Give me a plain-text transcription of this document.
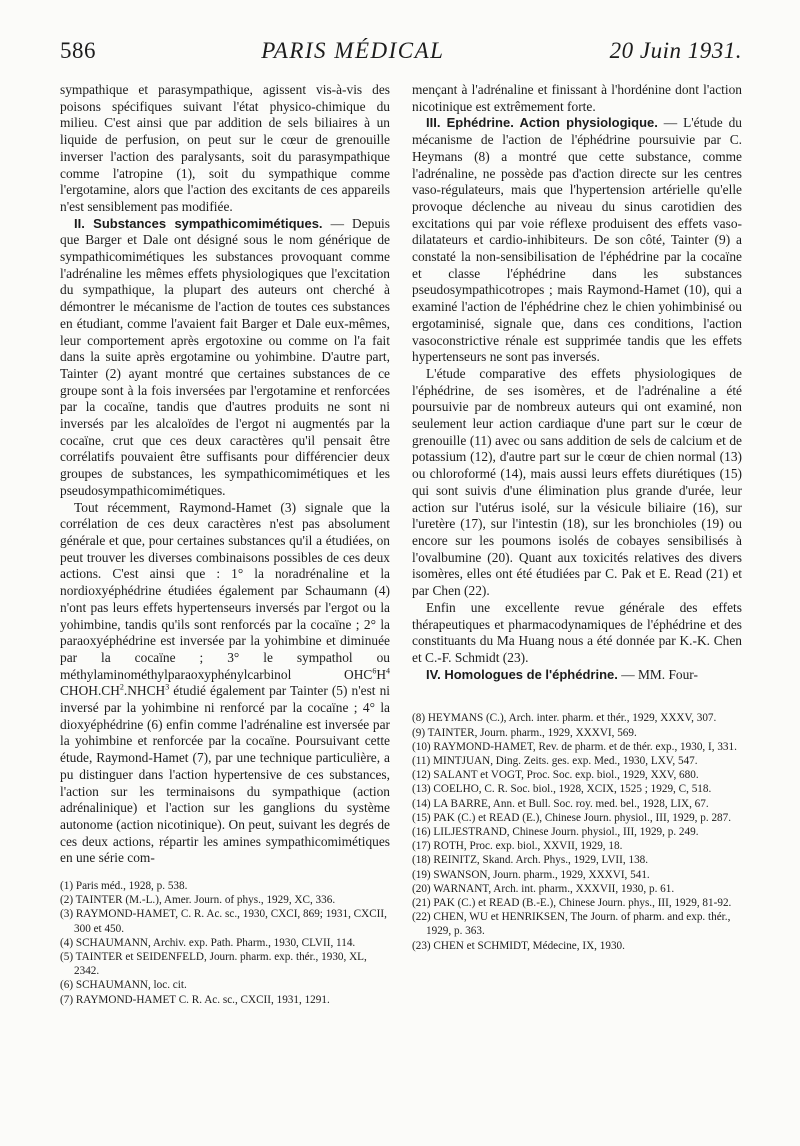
586	PARIS MÉDICAL	20 Juin 1931.

sympathique et parasympathique, agissent vis-à-vis des poisons spécifiques suivant l'état physico-chimique du milieu. C'est ainsi que par addition de sels biliaires à un liquide de perfusion, on peut sur le cœur de grenouille inverser l'action des paralysants, soit du parasympathique comme l'atropine (1), soit du sympathique comme l'ergotamine, alors que l'action des excitants de ces appareils n'est sensiblement pas modifiée.

II. Substances sympathicomimétiques. — Depuis que Barger et Dale ont désigné sous le nom générique de sympathicomimétiques les substances provoquant comme l'adrénaline les mêmes effets physiologiques que l'excitation du sympathique, la plupart des auteurs ont cherché à démontrer le mécanisme de l'action de toutes ces substances en étudiant, comme l'avaient fait Barger et Dale eux-mêmes, leur comportement après ergotoxine ou comme on l'a fait dans la suite après ergotamine ou yohimbine. D'autre part, Tainter (2) ayant montré que certaines substances de ce groupe sont à la fois inversées par l'ergotamine et renforcées par la cocaïne, tandis que d'autres produits ne sont ni inversés par les alcaloïdes de l'ergot ni augmentés par la cocaïne, crut que ces deux caractères qu'il pensait être corrélatifs pouvaient être suffisants pour différencier deux groupes de substances, les sympathicomimétiques et les pseudosympathicomimétiques.

Tout récemment, Raymond-Hamet (3) signale que la corrélation de ces deux caractères n'est pas absolument générale et que, pour certaines substances qu'il a étudiées, on peut trouver les diverses combinaisons possibles de ces deux actions. C'est ainsi que : 1° la noradrénaline et la nordioxyéphédrine étudiées également par Schaumann (4) n'ont pas leurs effets hypertenseurs inversés par l'ergot ou la yohimbine, tandis qu'ils sont renforcés par la cocaïne ; 2° la paraoxyéphédrine est inversée par la yohimbine et diminuée par la cocaïne ; 3° le sympathol ou méthylaminométhylparaoxyphénylcarbinol $OHC^6H^4$ $CHOH.CH^2.NHCH^3$ étudié également par Tainter (5) n'est ni inversé par la yohimbine ni renforcé par la cocaïne ; 4° la dioxyéphédrine (6) enfin comme l'adrénaline est inversée par la yohimbine et renforcée par la cocaïne. Poursuivant cette étude, Raymond-Hamet (7), par une technique particulière, a pu distinguer dans l'action hypertensive de ces substances, l'action sur les terminaisons du sympathique (action adrénalinique) et l'action sur les ganglions du système autonome (action nicotinique). On peut, suivant les degrés de ces deux actions, répartir les amines sympathicomimétiques en une série com-

(1) Paris méd., 1928, p. 538.

(2) TAINTER (M.-L.), Amer. Journ. of phys., 1929, XC, 336.

(3) RAYMOND-HAMET, C. R. Ac. sc., 1930, CXCI, 869; 1931, CXCII, 300 et 450.

(4) SCHAUMANN, Archiv. exp. Path. Pharm., 1930, CLVII, 114.

(5) TAINTER et SEIDENFELD, Journ. pharm. exp. thér., 1930, XL, 2342.

(6) SCHAUMANN, loc. cit.

(7) RAYMOND-HAMET C. R. Ac. sc., CXCII, 1931, 1291.

mençant à l'adrénaline et finissant à l'hordénine dont l'action nicotinique est extrêmement forte.

III. Ephédrine. Action physiologique. — L'étude du mécanisme de l'action de l'éphédrine poursuivie par C. Heymans (8) a montré que cette substance, comme l'adrénaline, ne possède pas d'action directe sur les centres vaso-régulateurs, mais que l'hypertension artérielle qu'elle provoque déclenche au niveau du sinus carotidien des excitations qui par voie réflexe produisent des effets vaso-dilatateurs et cardio-inhibiteurs. De son côté, Tainter (9) a constaté la non-sensibilisation de l'éphédrine par la cocaïne et classe l'éphédrine dans les substances pseudosympathicotropes ; mais Raymond-Hamet (10), qui a examiné l'action de l'éphédrine chez le chien yohimbinisé ou ergotaminisé, signale que, dans ces conditions, l'action vasoconstrictive rénale est supprimée tandis que les effets hypertenseurs ne sont pas inversés.

L'étude comparative des effets physiologiques de l'éphédrine, de ses isomères, et de l'adrénaline a été poursuivie par de nombreux auteurs qui ont examiné, non seulement leur action cardiaque d'une part sur le cœur de grenouille (11) avec ou sans addition de sels de calcium et de potassium (12), d'autre part sur le cœur de chien normal (13) ou chloroformé (14), mais aussi leurs effets diurétiques (15) qui sont suivis d'une élimination plus grande d'urée, leur action sur l'utérus isolé, sur la vésicule biliaire (16), sur l'uretère (17), sur l'intestin (18), sur les bronchioles (19) ou encore sur les poumons isolés de cobayes sensibilisés à l'ovalbumine (20). Quant aux toxicités relatives des divers isomères, elles ont été étudiées par C. Pak et E. Read (21) et par Chen (22).

Enfin une excellente revue générale des effets thérapeutiques et pharmacodynamiques de l'éphédrine et des constituants du Ma Huang nous a été donnée par K.-K. Chen et C.-F. Schmidt (23).

IV. Homologues de l'éphédrine. — MM. Four-

(8) HEYMANS (C.), Arch. inter. pharm. et thér., 1929, XXXV, 307.

(9) TAINTER, Journ. pharm., 1929, XXXVI, 569.

(10) RAYMOND-HAMET, Rev. de pharm. et de thér. exp., 1930, I, 331.

(11) MINTJUAN, Ding. Zeits. ges. exp. Med., 1930, LXV, 547.

(12) SALANT et VOGT, Proc. Soc. exp. biol., 1929, XXV, 680.

(13) COELHO, C. R. Soc. biol., 1928, XCIX, 1525 ; 1929, C, 518.

(14) LA BARRE, Ann. et Bull. Soc. roy. med. bel., 1928, LIX, 67.

(15) PAK (C.) et READ (E.), Chinese Journ. physiol., III, 1929, p. 287.

(16) LILJESTRAND, Chinese Journ. physiol., III, 1929, p. 249.

(17) ROTH, Proc. exp. biol., XXVII, 1929, 18.

(18) REINITZ, Skand. Arch. Phys., 1929, LVII, 138.

(19) SWANSON, Journ. pharm., 1929, XXXVI, 541.

(20) WARNANT, Arch. int. pharm., XXXVII, 1930, p. 61.

(21) PAK (C.) et READ (B.-E.), Chinese Journ. phys., III, 1929, 81-92.

(22) CHEN, WU et HENRIKSEN, The Journ. of pharm. and exp. thér., 1929, p. 363.

(23) CHEN et SCHMIDT, Médecine, IX, 1930.
